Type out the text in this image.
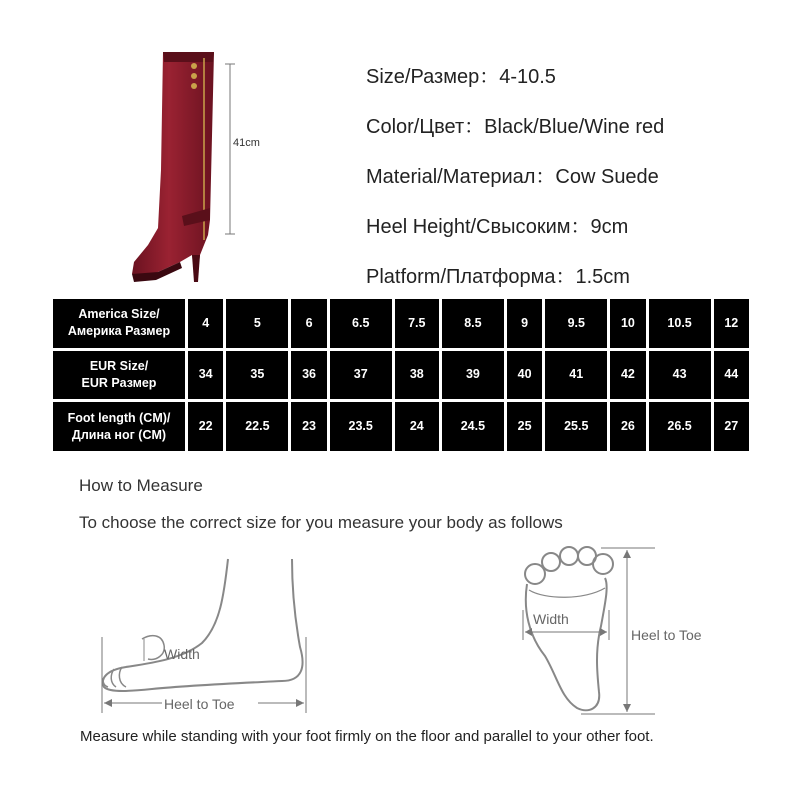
41cm
Size/Размер：4-10.5
Color/Цвет：Black/Blue/Wine red
Material/Материал：Cow Suede
Heel Height/Свысоким：9cm
Platform/Платформа：1.5cm
America Size/
Америка Размер	4	5	6	6.5	7.5	8.5	9	9.5	10	10.5	12
EUR Size/
EUR Размер	34	35	36	37	38	39	40	41	42	43	44
Foot length (CM)/
Длина ног (CM)	22	22.5	23	23.5	24	24.5	25	25.5	26	26.5	27
How to Measure
To choose the correct size for you measure your body as follows
Width
Heel to Toe
Width
Heel to Toe
Measure while standing with your foot firmly on the floor and parallel to your other foot.
